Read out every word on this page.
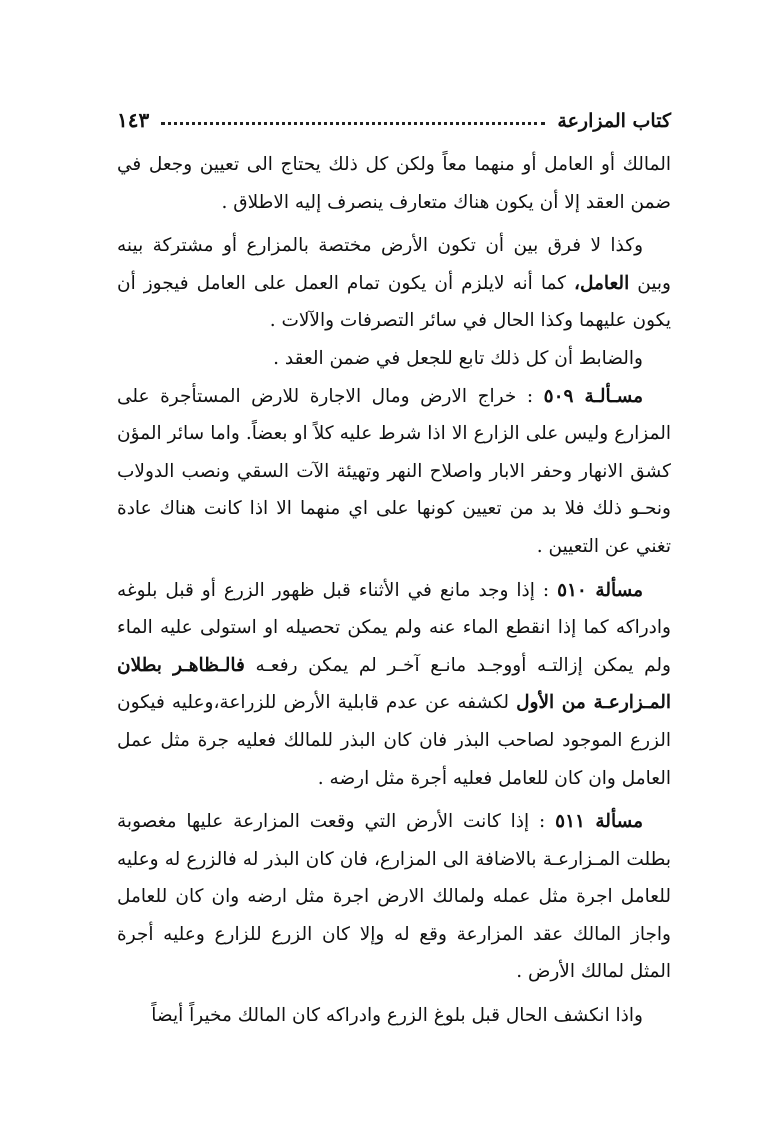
كتاب المزارعة
١٤٣

المالك أو العامل أو منهما معاً ولكن كل ذلك يحتاج الى تعيين وجعل في ضمن العقد إلا أن يكون هناك متعارف ينصرف إليه الاطلاق .

وكذا لا فرق بين أن تكون الأرض مختصة بالمزارع أو مشتركة بينه وبين العامل، كما أنه لايلزم أن يكون تمام العمل على العامل فيجوز أن يكون عليهما وكذا الحال في سائر التصرفات والآلات .

والضابط أن كل ذلك تابع للجعل في ضمن العقد .

مسـألـة ٥٠٩ : خراج الارض ومال الاجارة للارض المستأجرة على المزارع وليس على الزارع الا اذا شرط عليه كلاً او بعضاً. واما سائر المؤن كشق الانهار وحفر الابار واصلاح النهر وتهيئة الآت السقي ونصب الدولاب ونحـو ذلك فلا بد من تعيين كونها على اي منهما الا اذا كانت هناك عادة تغني عن التعيين .

مسألة ٥١٠ : إذا وجد مانع في الأثناء قبل ظهور الزرع أو قبل بلوغه وادراكه كما إذا انقطع الماء عنه ولم يمكن تحصيله او استولى عليه الماء ولم يمكن إزالتـه أووجـد مانـع آخـر لم يمكن رفعـه فالـظاهـر بطلان المـزارعـة من الأول لكشفه عن عدم قابلية الأرض للزراعة،وعليه فيكون الزرع الموجود لصاحب البذر فان كان البذر للمالك فعليه جرة مثل عمل العامل وان كان للعامل فعليه أجرة مثل ارضه .

مسألة ٥١١ : إذا كانت الأرض التي وقعت المزارعة عليها مغصوبة بطلت المـزارعـة بالاضافة الى المزارع، فان كان البذر له فالزرع له وعليه للعامل اجرة مثل عمله ولمالك الارض اجرة مثل ارضه وان كان للعامل واجاز المالك عقد المزارعة وقع له وإلا كان الزرع للزارع وعليه أجرة المثل لمالك الأرض .

واذا انكشف الحال قبل بلوغ الزرع وادراكه كان المالك مخيراً أيضاً
